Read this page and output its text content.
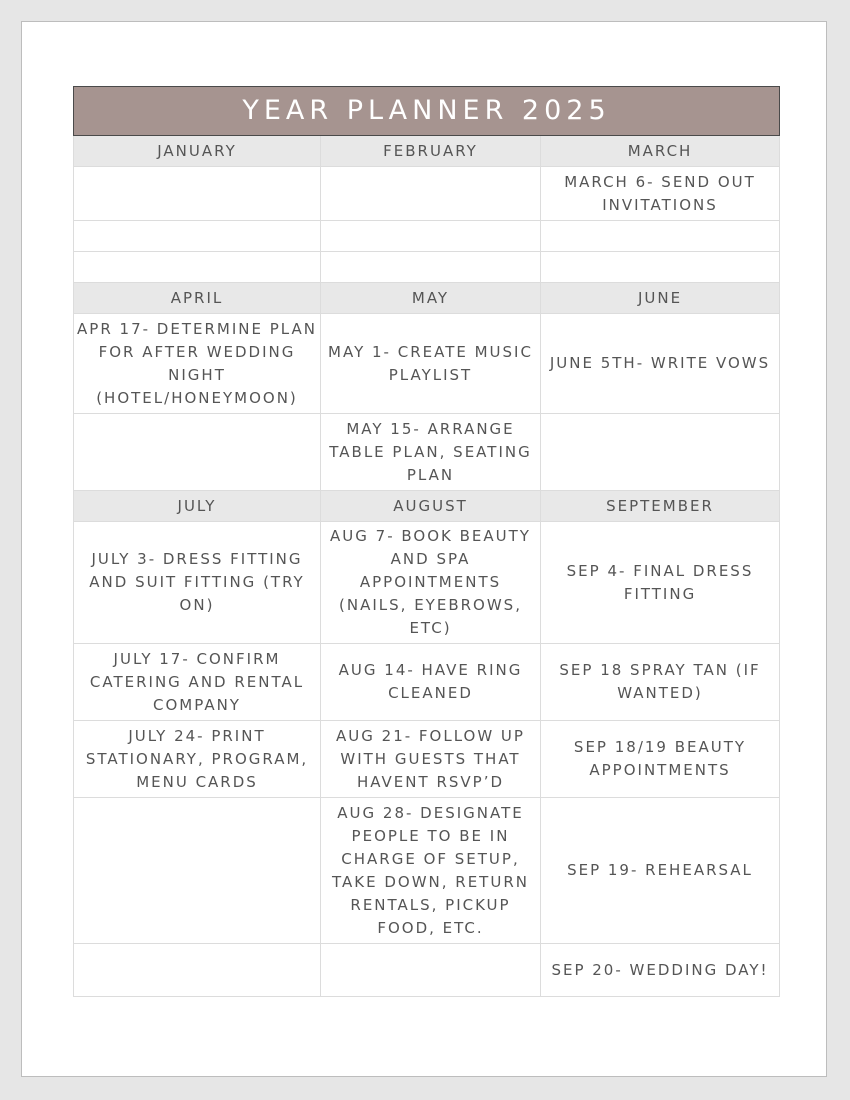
YEAR PLANNER 2025		
JANUARY	FEBRUARY	MARCH
		MARCH 6- SEND OUT INVITATIONS

APRIL	MAY	JUNE
APR 17- DETERMINE PLAN FOR AFTER WEDDING NIGHT (HOTEL/HONEYMOON)	MAY 1- CREATE MUSIC PLAYLIST	JUNE 5TH- WRITE VOWS
	MAY 15- ARRANGE TABLE PLAN, SEATING PLAN	
JULY	AUGUST	SEPTEMBER
JULY 3- DRESS FITTING AND SUIT FITTING (TRY ON)	AUG 7- BOOK BEAUTY AND SPA APPOINTMENTS (NAILS, EYEBROWS, ETC)	SEP 4- FINAL DRESS FITTING
JULY 17- CONFIRM CATERING AND RENTAL COMPANY	AUG 14- HAVE RING CLEANED	SEP 18 SPRAY TAN (IF WANTED)
JULY 24- PRINT STATIONARY, PROGRAM, MENU CARDS	AUG 21- FOLLOW UP WITH GUESTS THAT HAVENT RSVP’D	SEP 18/19 BEAUTY APPOINTMENTS
	AUG 28- DESIGNATE PEOPLE TO BE IN CHARGE OF SETUP, TAKE DOWN, RETURN RENTALS, PICKUP FOOD, ETC.	SEP 19- REHEARSAL
		SEP 20- WEDDING DAY!
